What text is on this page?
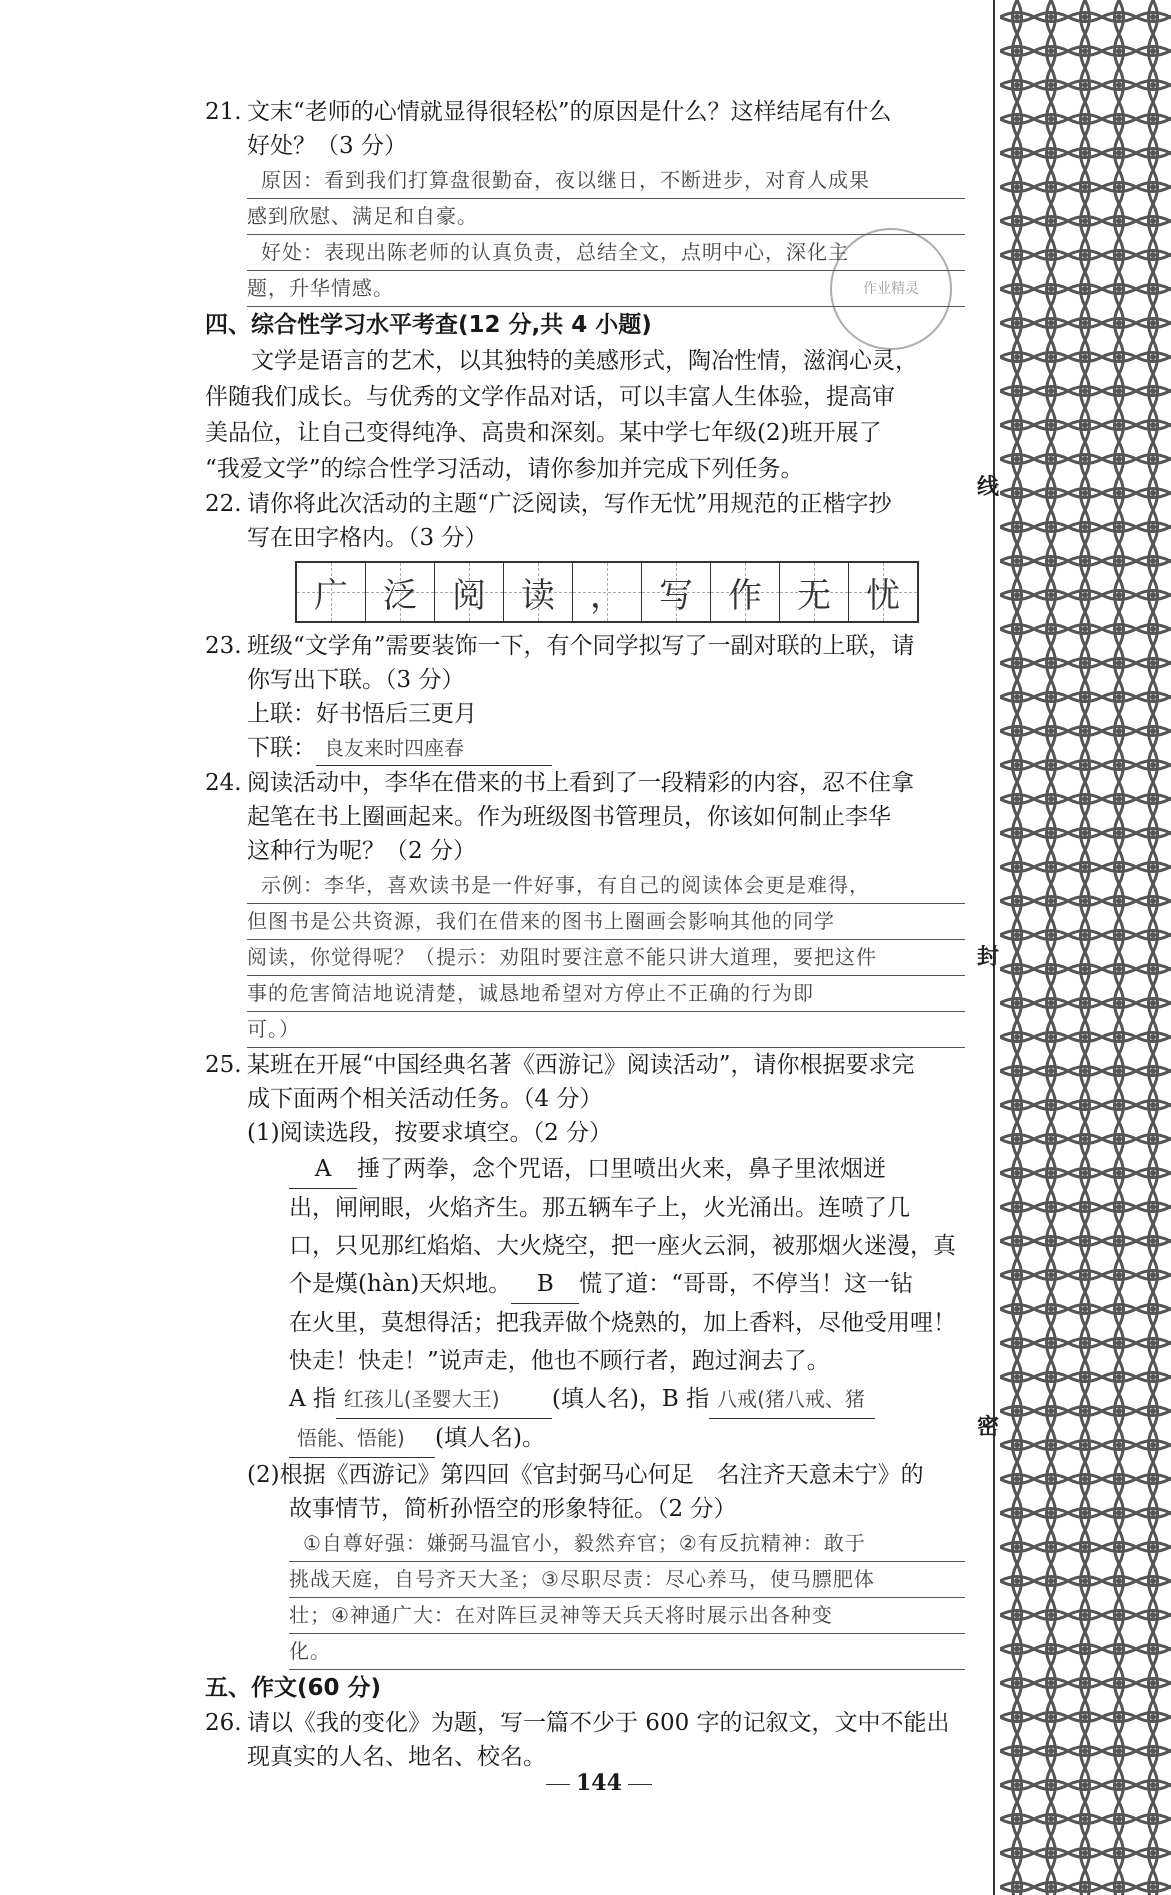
线
封
密
作业精灵
21. 文末“老师的心情就显得很轻松”的原因是什么？这样结尾有什么
好处？（3 分）
原因：看到我们打算盘很勤奋，夜以继日，不断进步，对育人成果
感到欣慰、满足和自豪。
好处：表现出陈老师的认真负责，总结全文，点明中心，深化主
题，升华情感。
四、综合性学习水平考查(12 分,共 4 小题)
文学是语言的艺术，以其独特的美感形式，陶冶性情，滋润心灵，
伴随我们成长。与优秀的文学作品对话，可以丰富人生体验，提高审
美品位，让自己变得纯净、高贵和深刻。某中学七年级(2)班开展了
“我爱文学”的综合性学习活动，请你参加并完成下列任务。
22. 请你将此次活动的主题“广泛阅读，写作无忧”用规范的正楷字抄
写在田字格内。（3 分）
广 泛 阅 读 ， 写 作 无 忧
23. 班级“文学角”需要装饰一下，有个同学拟写了一副对联的上联，请
你写出下联。（3 分）
上联：好书悟后三更月
下联： 良友来时四座春
24. 阅读活动中，李华在借来的书上看到了一段精彩的内容，忍不住拿
起笔在书上圈画起来。作为班级图书管理员，你该如何制止李华
这种行为呢？（2 分）
示例：李华，喜欢读书是一件好事，有自己的阅读体会更是难得，
但图书是公共资源，我们在借来的图书上圈画会影响其他的同学
阅读，你觉得呢？（提示：劝阻时要注意不能只讲大道理，要把这件
事的危害简洁地说清楚，诚恳地希望对方停止不正确的行为即
可。）
25. 某班在开展“中国经典名著《西游记》阅读活动”，请你根据要求完
成下面两个相关活动任务。（4 分）
(1)阅读选段，按要求填空。（2 分）

A 捶了两拳，念个咒语，口里喷出火来，鼻子里浓烟迸

出，闸闸眼，火焰齐生。那五辆车子上，火光涌出。连喷了几

口，只见那红焰焰、大火烧空，把一座火云洞，被那烟火迷漫，真

个是熯(hàn)天炽地。 B 慌了道：“哥哥，不停当！这一钻

在火里，莫想得活；把我弄做个烧熟的，加上香料，尽他受用哩！

快走！快走！”说声走，他也不顾行者，跑过涧去了。

A 指 红孩儿(圣婴大王) (填人名)，B 指 八戒(猪八戒、猪
悟能、悟能) (填人名)。
(2)根据《西游记》第四回《官封弼马心何足　名注齐天意未宁》的
故事情节，简析孙悟空的形象特征。（2 分）
①自尊好强：嫌弼马温官小，毅然弃官；②有反抗精神：敢于
挑战天庭，自号齐天大圣；③尽职尽责：尽心养马，使马膘肥体
壮；④神通广大：在对阵巨灵神等天兵天将时展示出各种变
化。
五、作文(60 分)
26. 请以《我的变化》为题，写一篇不少于 600 字的记叙文，文中不能出
现真实的人名、地名、校名。
144
